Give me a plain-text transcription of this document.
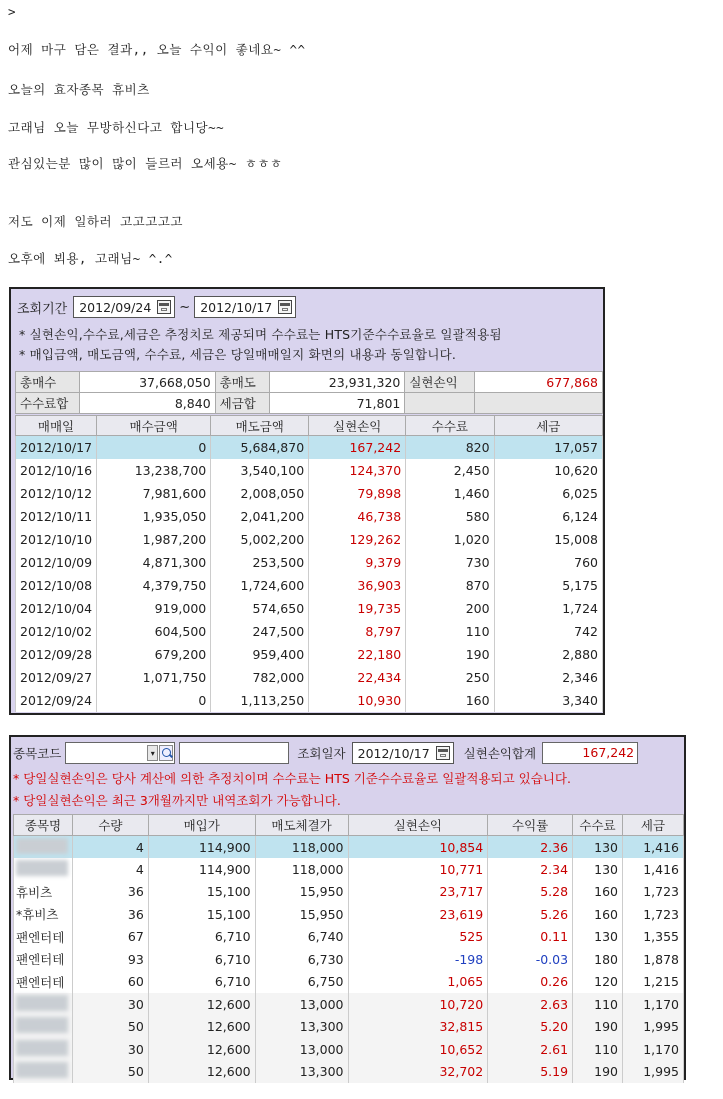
>
어제 마구 담은 결과,, 오늘 수익이 좋네요~ ^^
오늘의 효자종목 휴비츠
고래님 오늘 무방하신다고 합니당~~
관심있는분 많이 많이 들르러 오세용~ ㅎㅎㅎ
저도 이제 일하러 고고고고고
오후에 뵈용, 고래님~ ^.^
조회기간 2012/09/24 ~ 2012/10/17
* 실현손익,수수료,세금은 추정치로 제공되며 수수료는 HTS기준수수료율로 일괄적용됨
* 매입금액, 매도금액, 수수료, 세금은 당일매매일지 화면의 내용과 동일합니다.
총매수	37,668,050	총매도	23,931,320	실현손익	677,868
수수료합	8,840	세금합	71,801		
매매일	매수금액	매도금액	실현손익	수수료	세금
2012/10/17	0	5,684,870	167,242	820	17,057
2012/10/16	13,238,700	3,540,100	124,370	2,450	10,620
2012/10/12	7,981,600	2,008,050	79,898	1,460	6,025
2012/10/11	1,935,050	2,041,200	46,738	580	6,124
2012/10/10	1,987,200	5,002,200	129,262	1,020	15,008
2012/10/09	4,871,300	253,500	9,379	730	760
2012/10/08	4,379,750	1,724,600	36,903	870	5,175
2012/10/04	919,000	574,650	19,735	200	1,724
2012/10/02	604,500	247,500	8,797	110	742
2012/09/28	679,200	959,400	22,180	190	2,880
2012/09/27	1,071,750	782,000	22,434	250	2,346
2012/09/24	0	1,113,250	10,930	160	3,340
종목코드	▾	조회일자 2012/10/17	실현손익합계	167,242
* 당일실현손익은 당사 계산에 의한 추정치이며 수수료는 HTS 기준수수료율로 일괄적용되고 있습니다.
* 당일실현손익은 최근 3개월까지만 내역조회가 가능합니다.
종목명	수량	매입가	매도체결가	실현손익	수익률	수수료	세금
	4	114,900	118,000	10,854	2.36	130	1,416
	4	114,900	118,000	10,771	2.34	130	1,416
휴비츠	36	15,100	15,950	23,717	5.28	160	1,723
*휴비츠	36	15,100	15,950	23,619	5.26	160	1,723
팬엔터테	67	6,710	6,740	525	0.11	130	1,355
팬엔터테	93	6,710	6,730	-198	-0.03	180	1,878
팬엔터테	60	6,710	6,750	1,065	0.26	120	1,215
	30	12,600	13,000	10,720	2.63	110	1,170
	50	12,600	13,300	32,815	5.20	190	1,995
	30	12,600	13,000	10,652	2.61	110	1,170
	50	12,600	13,300	32,702	5.19	190	1,995
